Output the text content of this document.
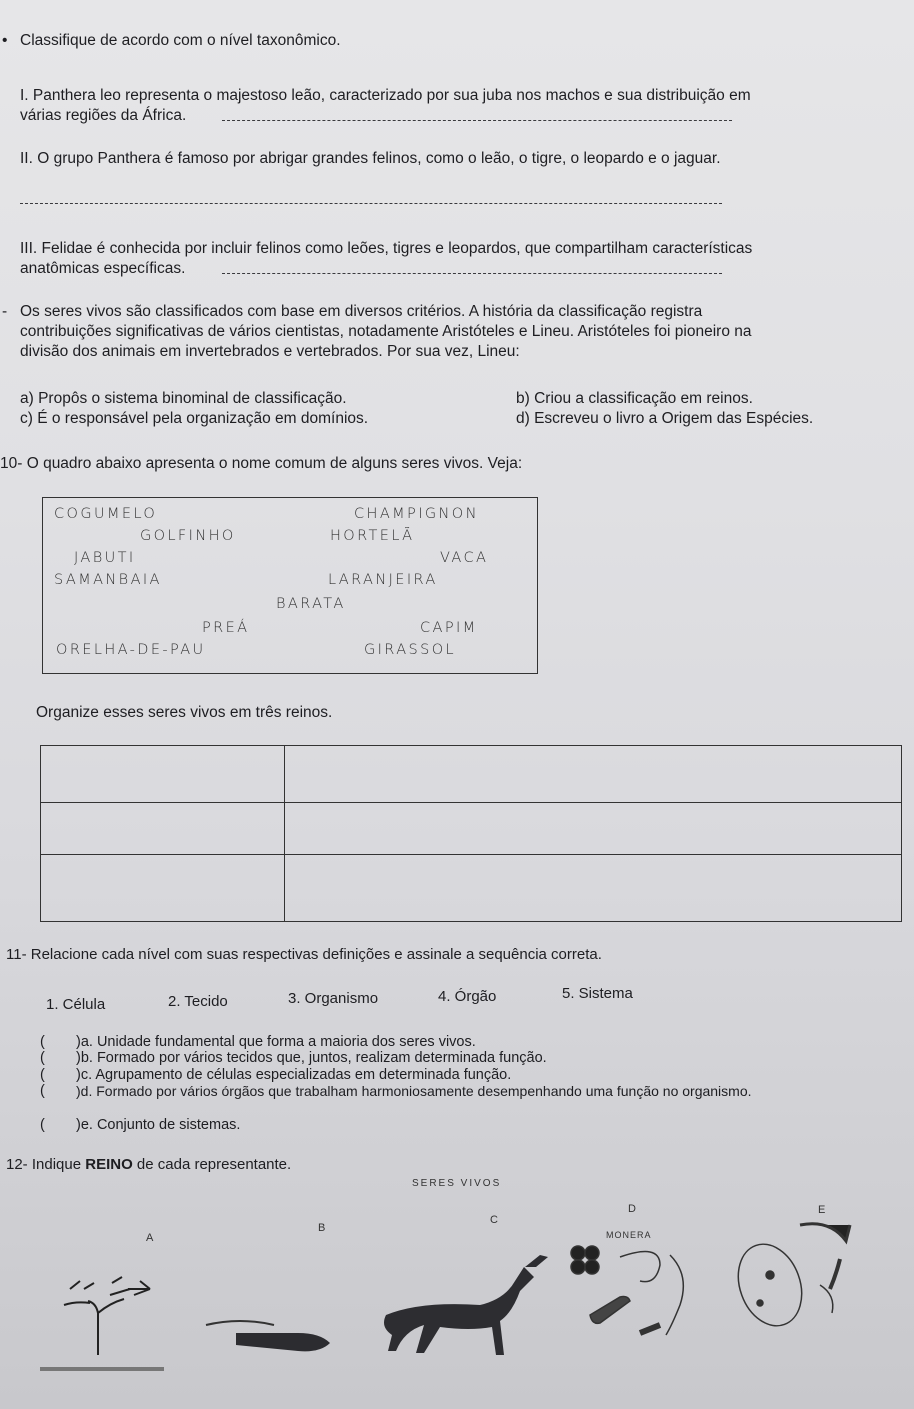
• Classifique de acordo com o nível taxonômico.
I. Panthera leo representa o majestoso leão, caracterizado por sua juba nos machos e sua distribuição em
várias regiões da África.
II. O grupo Panthera é famoso por abrigar grandes felinos, como o leão, o tigre, o leopardo e o jaguar.
III. Felidae é conhecida por incluir felinos como leões, tigres e leopardos, que compartilham características
anatômicas específicas.
- Os seres vivos são classificados com base em diversos critérios. A história da classificação registra
contribuições significativas de vários cientistas, notadamente Aristóteles e Lineu. Aristóteles foi pioneiro na
divisão dos animais em invertebrados e vertebrados. Por sua vez, Lineu:
a) Propôs o sistema binominal de classificação.	b) Criou a classificação em reinos.
c) É o responsável pela organização em domínios.	d) Escreveu o livro a Origem das Espécies.
10- O quadro abaixo apresenta o nome comum de alguns seres vivos. Veja:
COGUMELO	CHAMPIGNON
GOLFINHO	HORTELÃ
JABUTI	VACA
SAMANBAIA	LARANJEIRA
BARATA
PREÁ	CAPIM
ORELHA-DE-PAU	GIRASSOL
Organize esses seres vivos em três reinos.
11- Relacione cada nível com suas respectivas definições e assinale a sequência correta.
1. Célula	2. Tecido	3. Organismo	4. Órgão	5. Sistema
( )a. Unidade fundamental que forma a maioria dos seres vivos.
( )b. Formado por vários tecidos que, juntos, realizam determinada função.
( )c. Agrupamento de células especializadas em determinada função.
( )d. Formado por vários órgãos que trabalham harmoniosamente desempenhando uma função no organismo.
( )e. Conjunto de sistemas.
12- Indique REINO de cada representante.
SERES VIVOS
A
B
C
D	E
MONERA
